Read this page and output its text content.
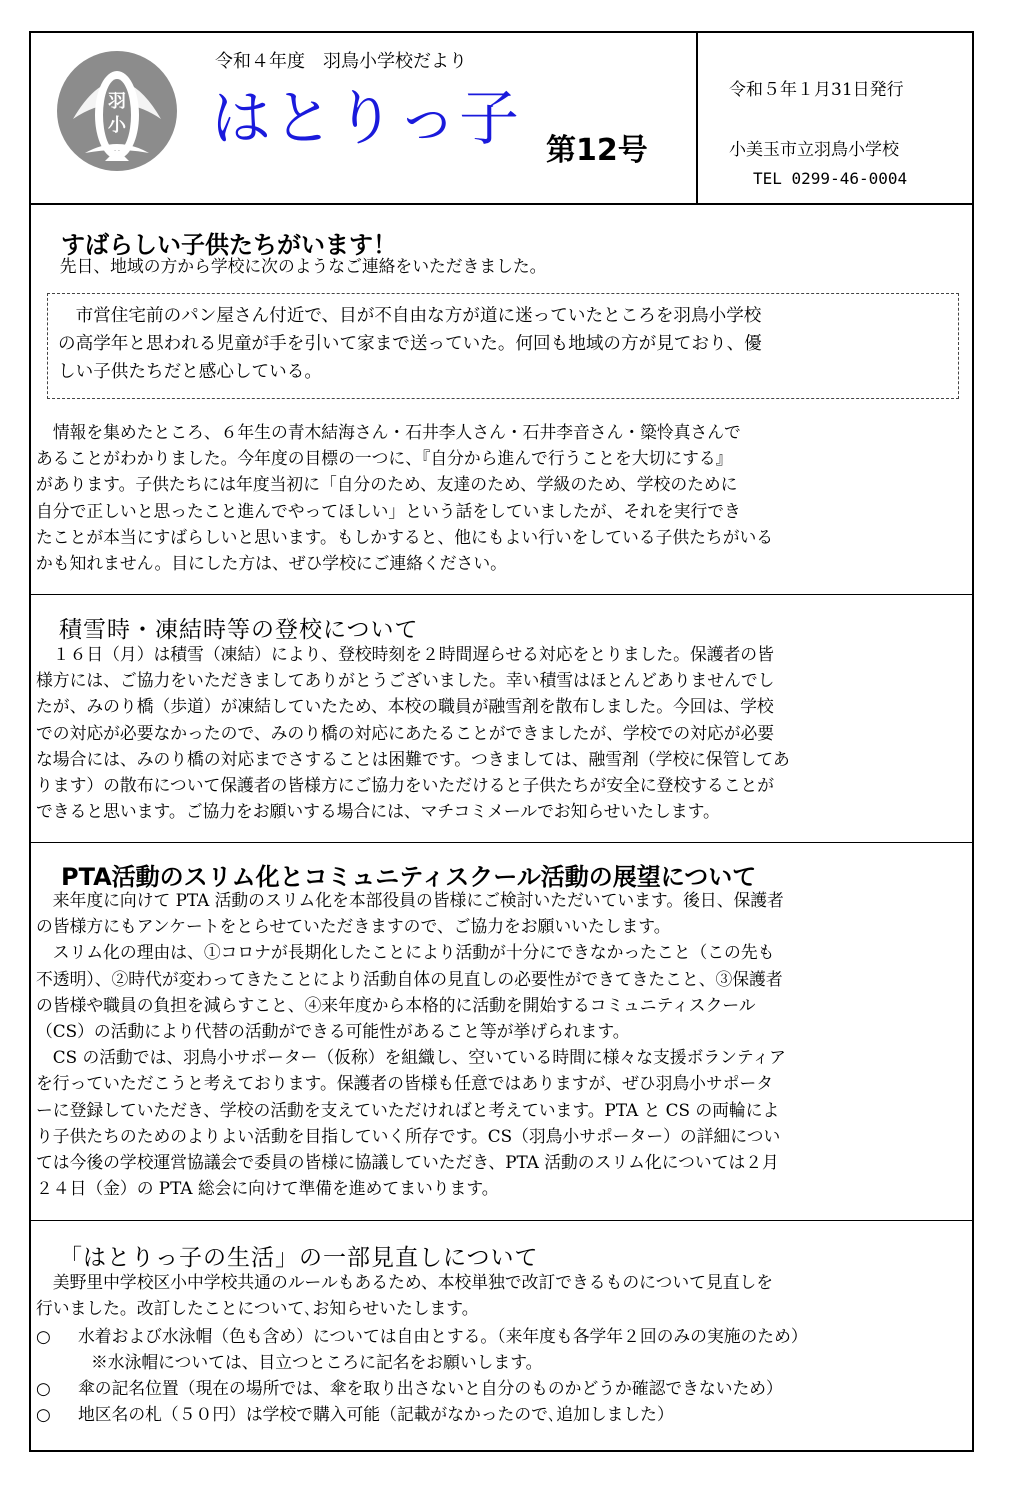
羽
小
令和４年度　羽鳥小学校だより
はとりっ子 第12号
令和５年１月31日発行
小美玉市立羽鳥小学校
TEL 0299-46-0004
すばらしい子供たちがいます！

　先日、地域の方から学校に次のようなご連絡をいただきました。

　市営住宅前のパン屋さん付近で、目が不自由な方が道に迷っていたところを羽鳥小学校
の高学年と思われる児童が手を引いて家まで送っていた。何回も地域の方が見ており、優
しい子供たちだと感心している。

　情報を集めたところ、６年生の青木結海さん・石井李人さん・石井李音さん・簗怜真さんで
あることがわかりました。今年度の目標の一つに、『自分から進んで行うことを大切にする』
があります。子供たちには年度当初に「自分のため、友達のため、学級のため、学校のために
自分で正しいと思ったこと進んでやってほしい」という話をしていましたが、それを実行でき
たことが本当にすばらしいと思います。もしかすると、他にもよい行いをしている子供たちがいる
かも知れません。目にした方は、ぜひ学校にご連絡ください。

積雪時・凍結時等の登校について

　１６日（月）は積雪（凍結）により、登校時刻を２時間遅らせる対応をとりました。保護者の皆
様方には、ご協力をいただきましてありがとうございました。幸い積雪はほとんどありませんでし
たが、みのり橋（歩道）が凍結していたため、本校の職員が融雪剤を散布しました。今回は、学校
での対応が必要なかったので、みのり橋の対応にあたることができましたが、学校での対応が必要
な場合には、みのり橋の対応までさすることは困難です。つきましては、融雪剤（学校に保管してあ
ります）の散布について保護者の皆様方にご協力をいただけると子供たちが安全に登校することが
できると思います。ご協力をお願いする場合には、マチコミメールでお知らせいたします。

PTA活動のスリム化とコミュニティスクール活動の展望について

　来年度に向けて PTA 活動のスリム化を本部役員の皆様にご検討いただいています。後日、保護者
の皆様方にもアンケートをとらせていただきますので、ご協力をお願いいたします。
　スリム化の理由は、①コロナが長期化したことにより活動が十分にできなかったこと（この先も
不透明）、②時代が変わってきたことにより活動自体の見直しの必要性ができてきたこと、③保護者
の皆様や職員の負担を減らすこと、④来年度から本格的に活動を開始するコミュニティスクール
（CS）の活動により代替の活動ができる可能性があること等が挙げられます。
　CS の活動では、羽鳥小サポーター（仮称）を組織し、空いている時間に様々な支援ボランティア
を行っていただこうと考えております。保護者の皆様も任意ではありますが、ぜひ羽鳥小サポータ
ーに登録していただき、学校の活動を支えていただければと考えています。PTA と CS の両輪によ
り子供たちのためのよりよい活動を目指していく所存です。CS（羽鳥小サポーター）の詳細につい
ては今後の学校運営協議会で委員の皆様に協議していただき、PTA 活動のスリム化については２月
２４日（金）の PTA 総会に向けて準備を進めてまいります。

「はとりっ子の生活」の一部見直しについて

　美野里中学校区小中学校共通のルールもあるため、本校単独で改訂できるものについて見直しを
行いました。改訂したことについて､お知らせいたします。

○ 水着および水泳帽（色も含め）については自由とする。（来年度も各学年２回のみの実施のため）
※水泳帽については、目立つところに記名をお願いします。
○ 傘の記名位置（現在の場所では、傘を取り出さないと自分のものかどうか確認できないため）
○ 地区名の札（５０円）は学校で購入可能（記載がなかったので､追加しました）
